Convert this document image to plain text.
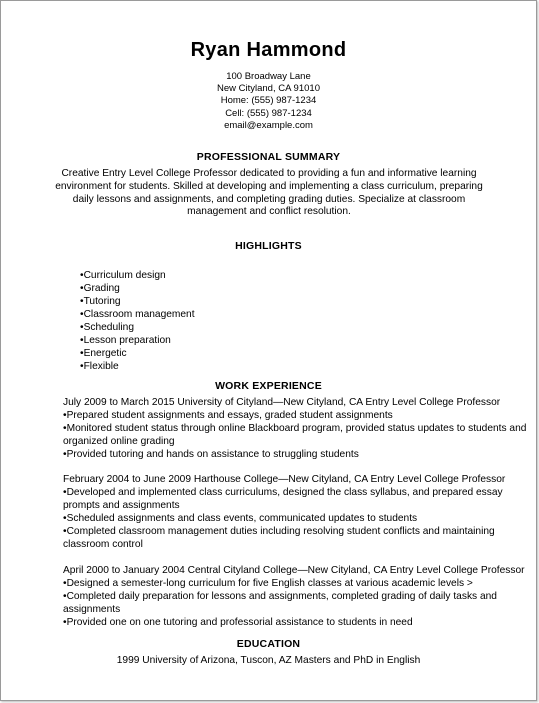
Ryan Hammond
100 Broadway Lane
New Cityland, CA 91010
Home: (555) 987-1234
Cell: (555) 987-1234
email@example.com
PROFESSIONAL SUMMARY
Creative Entry Level College Professor dedicated to providing a fun and informative learning environment for students. Skilled at developing and implementing a class curriculum, preparing daily lessons and assignments, and completing grading duties. Specialize at classroom management and conflict resolution.
HIGHLIGHTS
• Curriculum design
• Grading
• Tutoring
• Classroom management
• Scheduling
• Lesson preparation
• Energetic
• Flexible
WORK EXPERIENCE
July 2009 to March 2015 University of Cityland—New Cityland, CA Entry Level College Professor
• Prepared student assignments and essays, graded student assignments
• Monitored student status through online Blackboard program, provided status updates to students and organized online grading
• Provided tutoring and hands on assistance to struggling students
February 2004 to June 2009 Harthouse College—New Cityland, CA Entry Level College Professor
• Developed and implemented class curriculums, designed the class syllabus, and prepared essay prompts and assignments
• Scheduled assignments and class events, communicated updates to students
• Completed classroom management duties including resolving student conflicts and maintaining classroom control
April 2000 to January 2004 Central Cityland College—New Cityland, CA Entry Level College Professor
• Designed a semester-long curriculum for five English classes at various academic levels >
• Completed daily preparation for lessons and assignments, completed grading of daily tasks and assignments
• Provided one on one tutoring and professorial assistance to students in need
EDUCATION
1999 University of Arizona, Tuscon, AZ Masters and PhD in English
